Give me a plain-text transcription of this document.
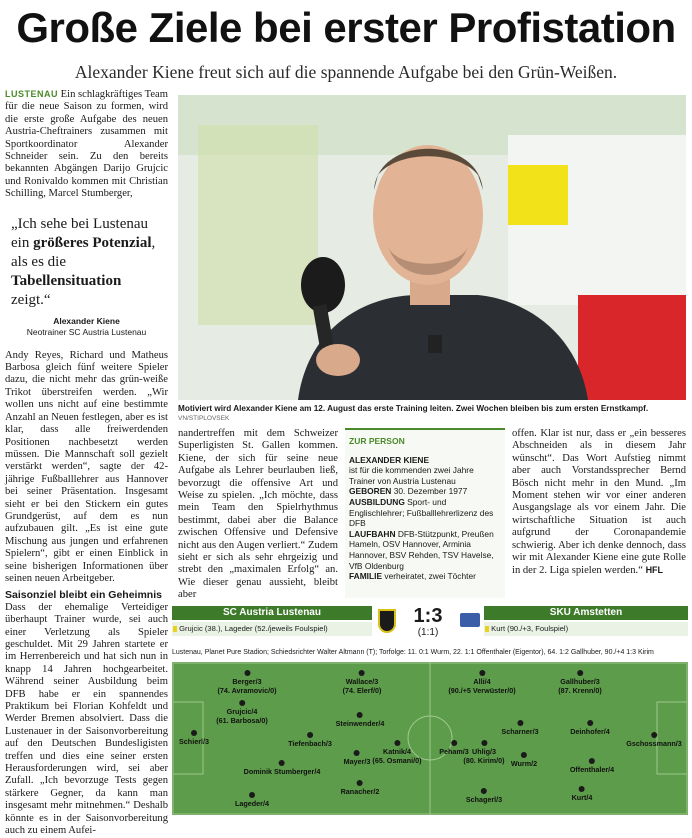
Große Ziele bei erster Profistation
Alexander Kiene freut sich auf die spannende Aufgabe bei den Grün-Weißen.

LUSTENAU Ein schlagkräftiges Team für die neue Saison zu formen, wird die erste große Aufgabe des neuen Austria-Cheftrainers zusammen mit Sportkoordinator Alexander Schneider sein. Zu den bereits bekannten Abgängen Darijo Grujcic und Ronivaldo kommen mit Christian Schilling, Marcel Stumberger,

„Ich sehe bei Lustenau ein größeres Potenzial, als es die Tabellensituation zeigt.“
Alexander Kiene
Neotrainer SC Austria Lustenau

Andy Reyes, Richard und Matheus Barbosa gleich fünf weitere Spieler dazu, die nicht mehr das grün-weiße Trikot überstreifen werden. „Wir wollen uns nicht auf eine bestimmte Anzahl an Neuen festlegen, aber es ist klar, dass alle freiwerdenden Positionen nachbesetzt werden müssen. Die Mannschaft soll gezielt verstärkt werden“, sagte der 42-jährige Fußballlehrer aus Hannover bei seiner Präsentation. Insgesamt sieht er bei den Stickern ein gutes Grundgerüst, auf dem es nun aufzubauen gilt. „Es ist eine gute Mischung aus jungen und erfahrenen Spielern“, gibt er einen Einblick in seine bisherigen Informationen über seinen neuen Arbeitgeber.

Saisonziel bleibt ein Geheimnis

Dass der ehemalige Verteidiger überhaupt Trainer wurde, sei auch einer Verletzung als Spieler geschuldet. Mit 29 Jahren startete er im Herrenbereich und hat sich nun in knapp 14 Jahren hochgearbeitet. Während seiner Ausbildung beim DFB habe er ein spannendes Praktikum bei Florian Kohfeldt und Werder Bremen absolviert. Dass die Lustenauer in der Saisonvorbereitung auf den Deutschen Bundesligisten treffen und dies eine seiner ersten Herausforderungen wird, sei aber Zufall. „Ich bevorzuge Tests gegen stärkere Gegner, da kann man insgesamt mehr mitnehmen.“ Deshalb könnte es in der Saisonvorbereitung auch zu einem Aufei-

Motiviert wird Alexander Kiene am 12. August das erste Training leiten. Zwei Wochen bleiben bis zum ersten Ernstkampf. VN/STIPLOVSEK

nandertreffen mit dem Schweizer Superligisten St. Gallen kommen. Kiene, der sich für seine neue Aufgabe als Lehrer beurlauben ließ, bevorzugt die offensive Art und Weise zu spielen. „Ich möchte, dass mein Team den Spielrhythmus bestimmt, dabei aber die Balance zwischen Offensive und Defensive nicht aus den Augen verliert.“ Zudem sieht er sich als sehr ehrgeizig und strebt den „maximalen Erfolg“ an. Wie dieser genau aussieht, bleibt aber

ZUR PERSON
ALEXANDER KIENE
ist für die kommenden zwei Jahre Trainer von Austria Lustenau
GEBOREN 30. Dezember 1977
AUSBILDUNG Sport- und Englischlehrer; Fußballlehrerlizenz des DFB
LAUFBAHN DFB-Stützpunkt, Preußen Hameln, OSV Hannover, Arminia Hannover, BSV Rehden, TSV Havelse, VfB Oldenburg
FAMILIE verheiratet, zwei Töchter

offen. Klar ist nur, dass er „ein besseres Abschneiden als in diesem Jahr wünscht“. Das Wort Aufstieg nimmt aber auch Vorstandssprecher Bernd Bösch nicht mehr in den Mund. „Im Moment stehen wir vor einer anderen Ausgangslage als vor einem Jahr. Die wirtschaftliche Situation ist auch aufgrund der Coronapandemie schwierig. Aber ich denke dennoch, dass wir mit Alexander Kiene eine gute Rolle in der 2. Liga spielen werden.“ HFL

SC Austria Lustenau	SKU Amstetten
Grujcic (38.), Lageder (52./jeweils Foulspiel)	Kurt (90./+3, Foulspiel)
1:3
(1:1)
Lustenau, Planet Pure Stadion; Schiedsrichter Walter Altmann (T); Torfolge: 11. 0:1 Wurm, 22. 1:1 Offenthaler (Eigentor), 64. 1:2 Gallhuber, 90./+4 1:3 Kirim
Schierl/3
Berger/3
(74. Avramovic/0)
Grujcic/4
(61. Barbosa/0)
Dominik Stumberger/4
Lageder/4
Tiefenbach/3
Wallace/3
(74. Elerf/0)
Steinwender/4
Mayer/3
Ranacher/2
Katnik/4
(65. Osmani/0)
Alli/4
(90./+5 Verwüster/0)
Peham/3 Uhlig/3
(80. Kirim/0)
Schagerl/3
Scharner/3
Wurm/2
Gallhuber/3
(87. Krenn/0)
Deinhofer/4
Offenthaler/4
Kurt/4
Gschossmann/3
